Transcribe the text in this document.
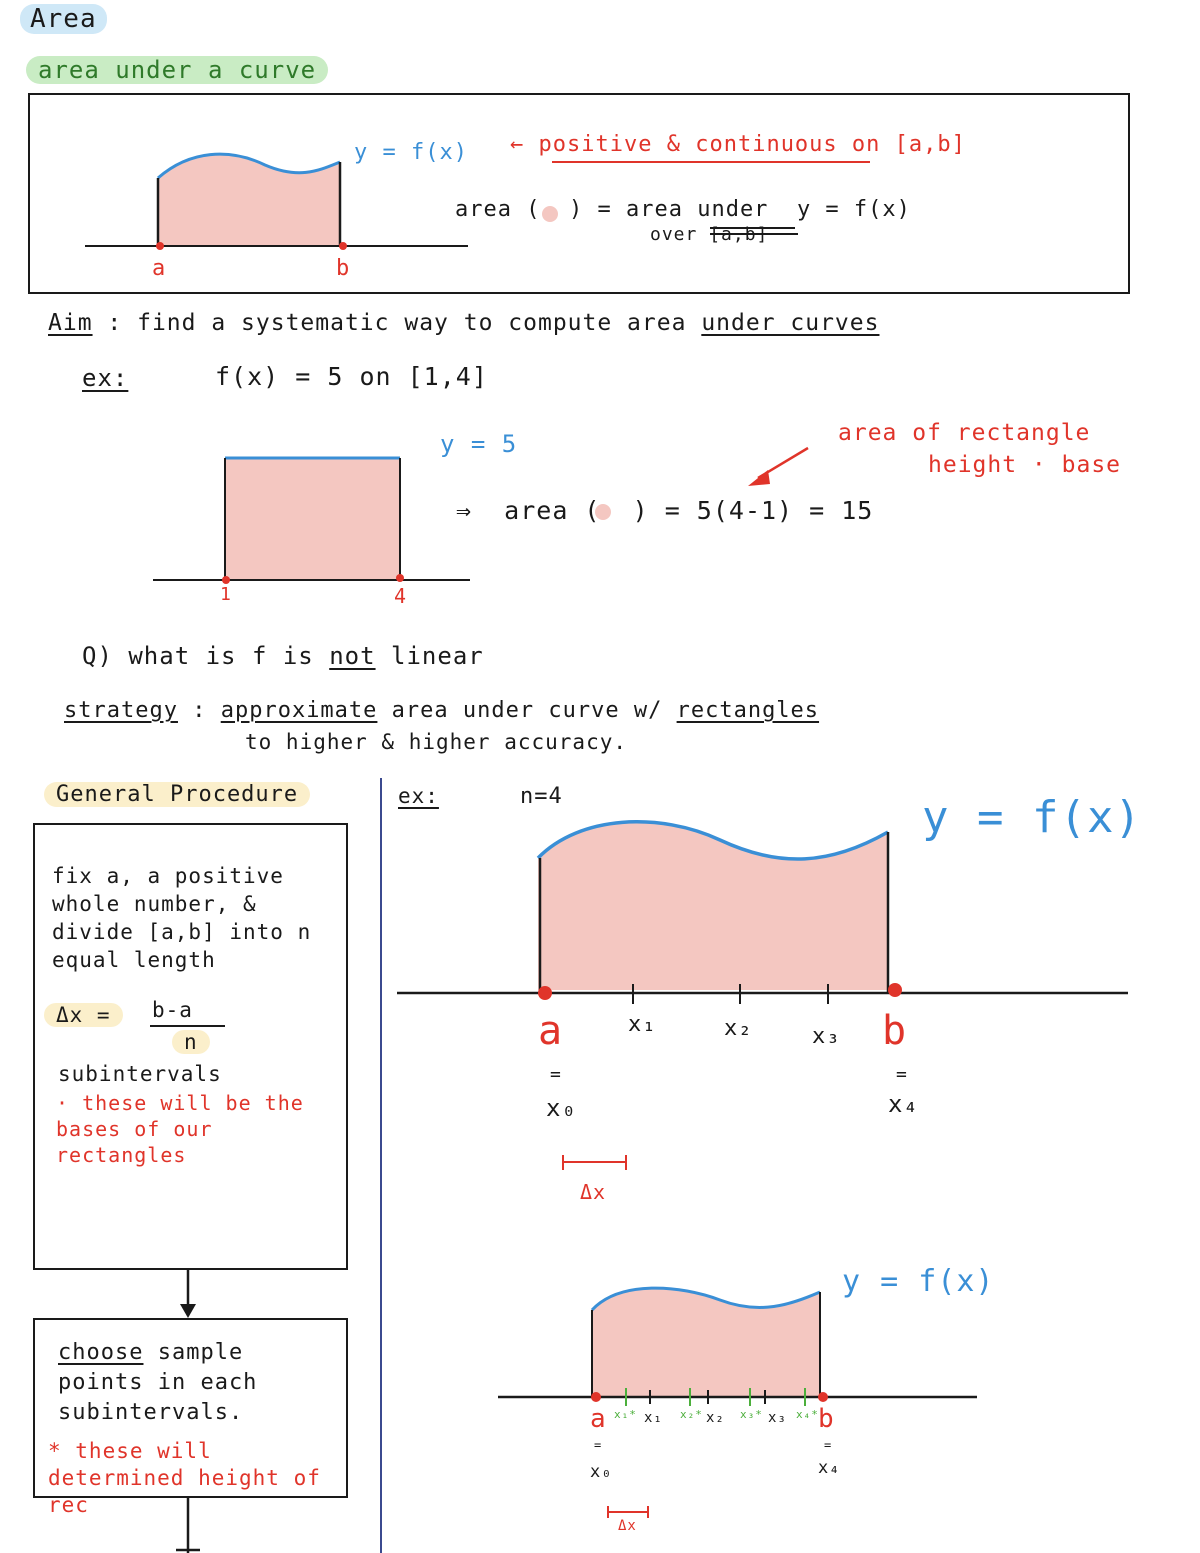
Area
area under a curve
y = f(x) ← positive & continuous on [a,b]
area ( ) = area under y = f(x)
over [a,b]
a	b
Aim : find a systematic way to compute area under curves
ex:	f(x) = 5 on [1,4]
y = 5	area of rectangle
height · base
⇒ area ( ) = 5(4-1) = 15
1	4
Q) what is f is not linear
strategy : approximate area under curve w/ rectangles
to higher & higher accuracy.
General Procedure
fix a, a positive whole number, & divide [a,b] into n equal length
Δx =	b-a
n
subintervals
· these will be the bases of our rectangles
choose sample points in each subintervals.
* these will determined height of rec
ex:	n=4	y = f(x)
a	b
x₁	x₂	x₃
=	=
x₀	x₄
Δx
y = f(x)
a	b
x₁* x₁ x₂* x₂ x₃* x₃ x₄*
=	=
x₀	x₄
Δx
